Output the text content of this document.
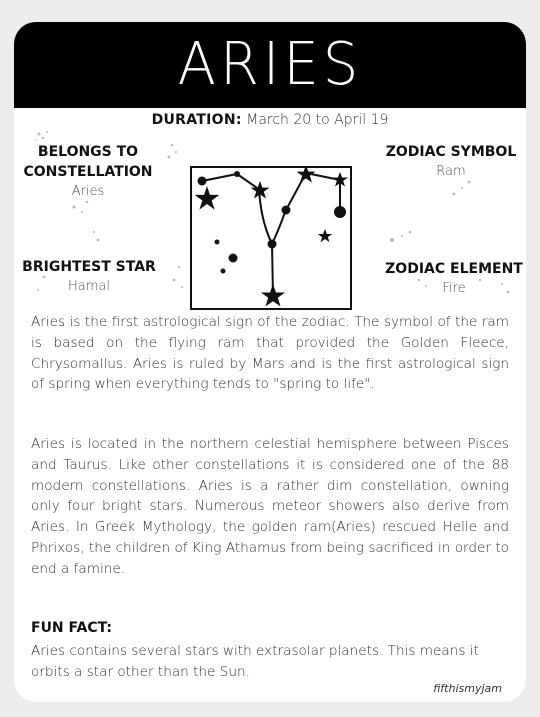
ARIES
DURATION: March 20 to April 19
BELONGS TO
CONSTELLATION
Aries
ZODIAC SYMBOL
Ram
BRIGHTEST STAR
Hamal
ZODIAC ELEMENT
Fire
Aries is the first astrological sign of the zodiac. The symbol of the ram is based on the flying ram that provided the Golden Fleece, Chrysomallus. Aries is ruled by Mars and is the first astrological sign of spring when everything tends to "spring to life".
Aries is located in the northern celestial hemisphere between Pisces and Taurus. Like other constellations it is considered one of the 88 modern constellations. Aries is a rather dim constellation, owning only four bright stars. Numerous meteor showers also derive from Aries. In Greek Mythology, the golden ram(Aries) rescued Helle and Phrixos, the children of King Athamus from being sacrificed in order to end a famine.
FUN FACT:
Aries contains several stars with extrasolar planets. This means it orbits a star other than the Sun.
fifthismyjam
